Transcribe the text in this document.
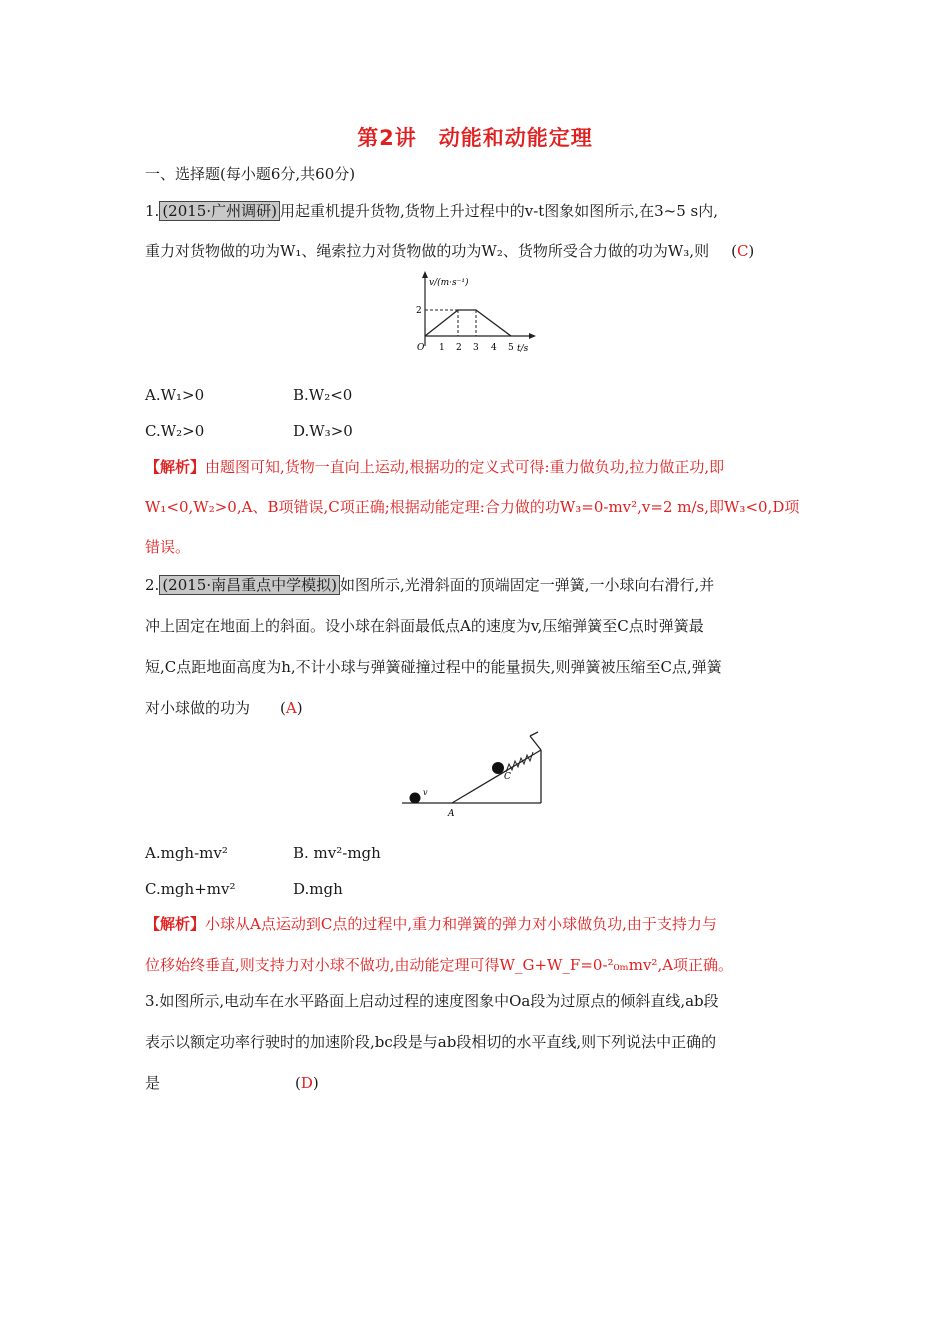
第2讲　动能和动能定理
一、选择题(每小题6分,共60分)
1. (2015·广州调研) 用起重机提升货物,货物上升过程中的v-t图象如图所示,在3~5 s内,
重力对货物做的功为W₁、绳索拉力对货物做的功为W₂、货物所受合力做的功为W₃,则 (C)
v/(m·s⁻¹)
2
O 1 2 3 4 5 t/s
A.W₁>0	B.W₂<0
C.W₂>0	D.W₃>0
【解析】由题图可知,货物一直向上运动,根据功的定义式可得:重力做负功,拉力做正功,即
W₁<0,W₂>0,A、B项错误,C项正确;根据动能定理:合力做的功W₃=0-mv²,v=2 m/s,即W₃<0,D项
错误。
2. (2015·南昌重点中学模拟) 如图所示,光滑斜面的顶端固定一弹簧,一小球向右滑行,并
冲上固定在地面上的斜面。设小球在斜面最低点A的速度为v,压缩弹簧至C点时弹簧最
短,C点距地面高度为h,不计小球与弹簧碰撞过程中的能量损失,则弹簧被压缩至C点,弹簧
对小球做的功为 (A)
v
C
A
A.mgh-mv²	B. mv²-mgh
C.mgh+mv²	D.mgh
【解析】小球从A点运动到C点的过程中,重力和弹簧的弹力对小球做负功,由于支持力与
位移始终垂直,则支持力对小球不做功,由动能定理可得W_G+W_F=0-²₀ₘmv²,A项正确。
3.如图所示,电动车在水平路面上启动过程的速度图象中Oa段为过原点的倾斜直线,ab段
表示以额定功率行驶时的加速阶段,bc段是与ab段相切的水平直线,则下列说法中正确的
是	(D)
